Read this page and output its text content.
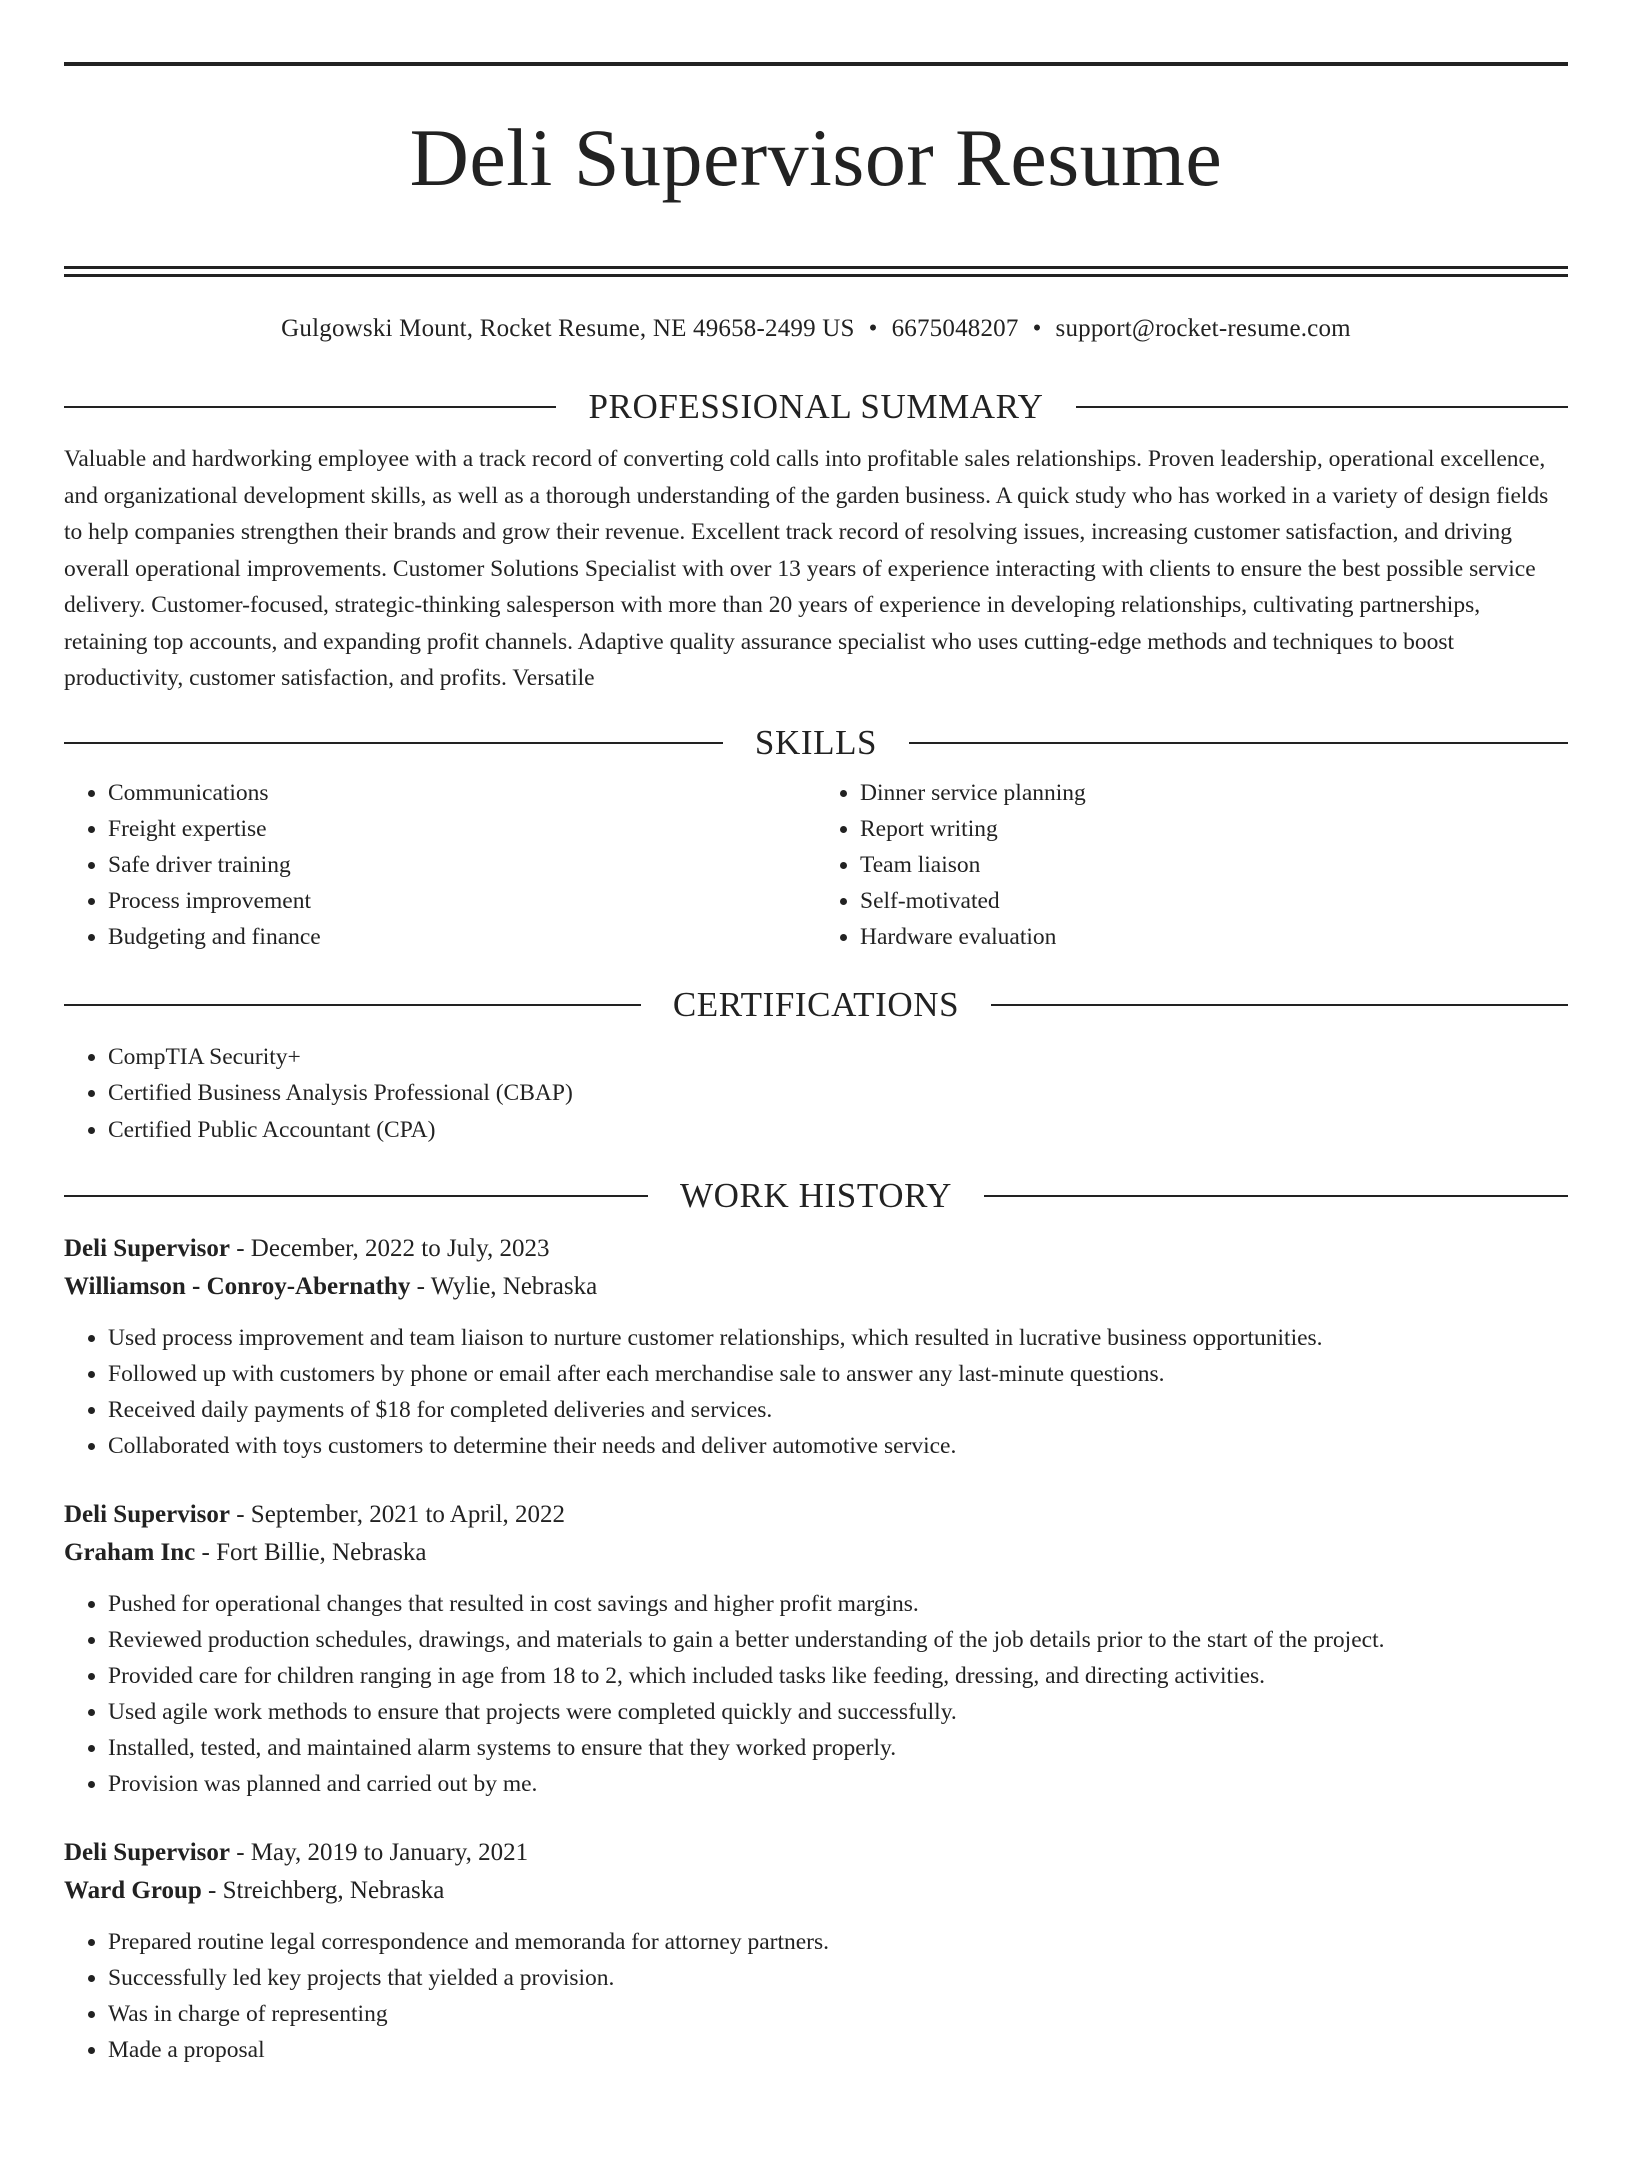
Deli Supervisor Resume
Gulgowski Mount, Rocket Resume, NE 49658-2499 US • 6675048207 • support@rocket-resume.com
PROFESSIONAL SUMMARY

Valuable and hardworking employee with a track record of converting cold calls into profitable sales relationships. Proven leadership, operational excellence, and organizational development skills, as well as a thorough understanding of the garden business. A quick study who has worked in a variety of design fields to help companies strengthen their brands and grow their revenue. Excellent track record of resolving issues, increasing customer satisfaction, and driving overall operational improvements. Customer Solutions Specialist with over 13 years of experience interacting with clients to ensure the best possible service delivery. Customer-focused, strategic-thinking salesperson with more than 20 years of experience in developing relationships, cultivating partnerships, retaining top accounts, and expanding profit channels. Adaptive quality assurance specialist who uses cutting-edge methods and techniques to boost productivity, customer satisfaction, and profits. Versatile

SKILLS
• Communications
• Freight expertise
• Safe driver training
• Process improvement
• Budgeting and finance
• Dinner service planning
• Report writing
• Team liaison
• Self-motivated
• Hardware evaluation
CERTIFICATIONS
• CompTIA Security+
• Certified Business Analysis Professional (CBAP)
• Certified Public Accountant (CPA)
WORK HISTORY
Deli Supervisor - December, 2022 to July, 2023
Williamson - Conroy-Abernathy - Wylie, Nebraska
• Used process improvement and team liaison to nurture customer relationships, which resulted in lucrative business opportunities.
• Followed up with customers by phone or email after each merchandise sale to answer any last-minute questions.
• Received daily payments of $18 for completed deliveries and services.
• Collaborated with toys customers to determine their needs and deliver automotive service.
Deli Supervisor - September, 2021 to April, 2022
Graham Inc - Fort Billie, Nebraska
• Pushed for operational changes that resulted in cost savings and higher profit margins.
• Reviewed production schedules, drawings, and materials to gain a better understanding of the job details prior to the start of the project.
• Provided care for children ranging in age from 18 to 2, which included tasks like feeding, dressing, and directing activities.
• Used agile work methods to ensure that projects were completed quickly and successfully.
• Installed, tested, and maintained alarm systems to ensure that they worked properly.
• Provision was planned and carried out by me.
Deli Supervisor - May, 2019 to January, 2021
Ward Group - Streichberg, Nebraska
• Prepared routine legal correspondence and memoranda for attorney partners.
• Successfully led key projects that yielded a provision.
• Was in charge of representing
• Made a proposal
